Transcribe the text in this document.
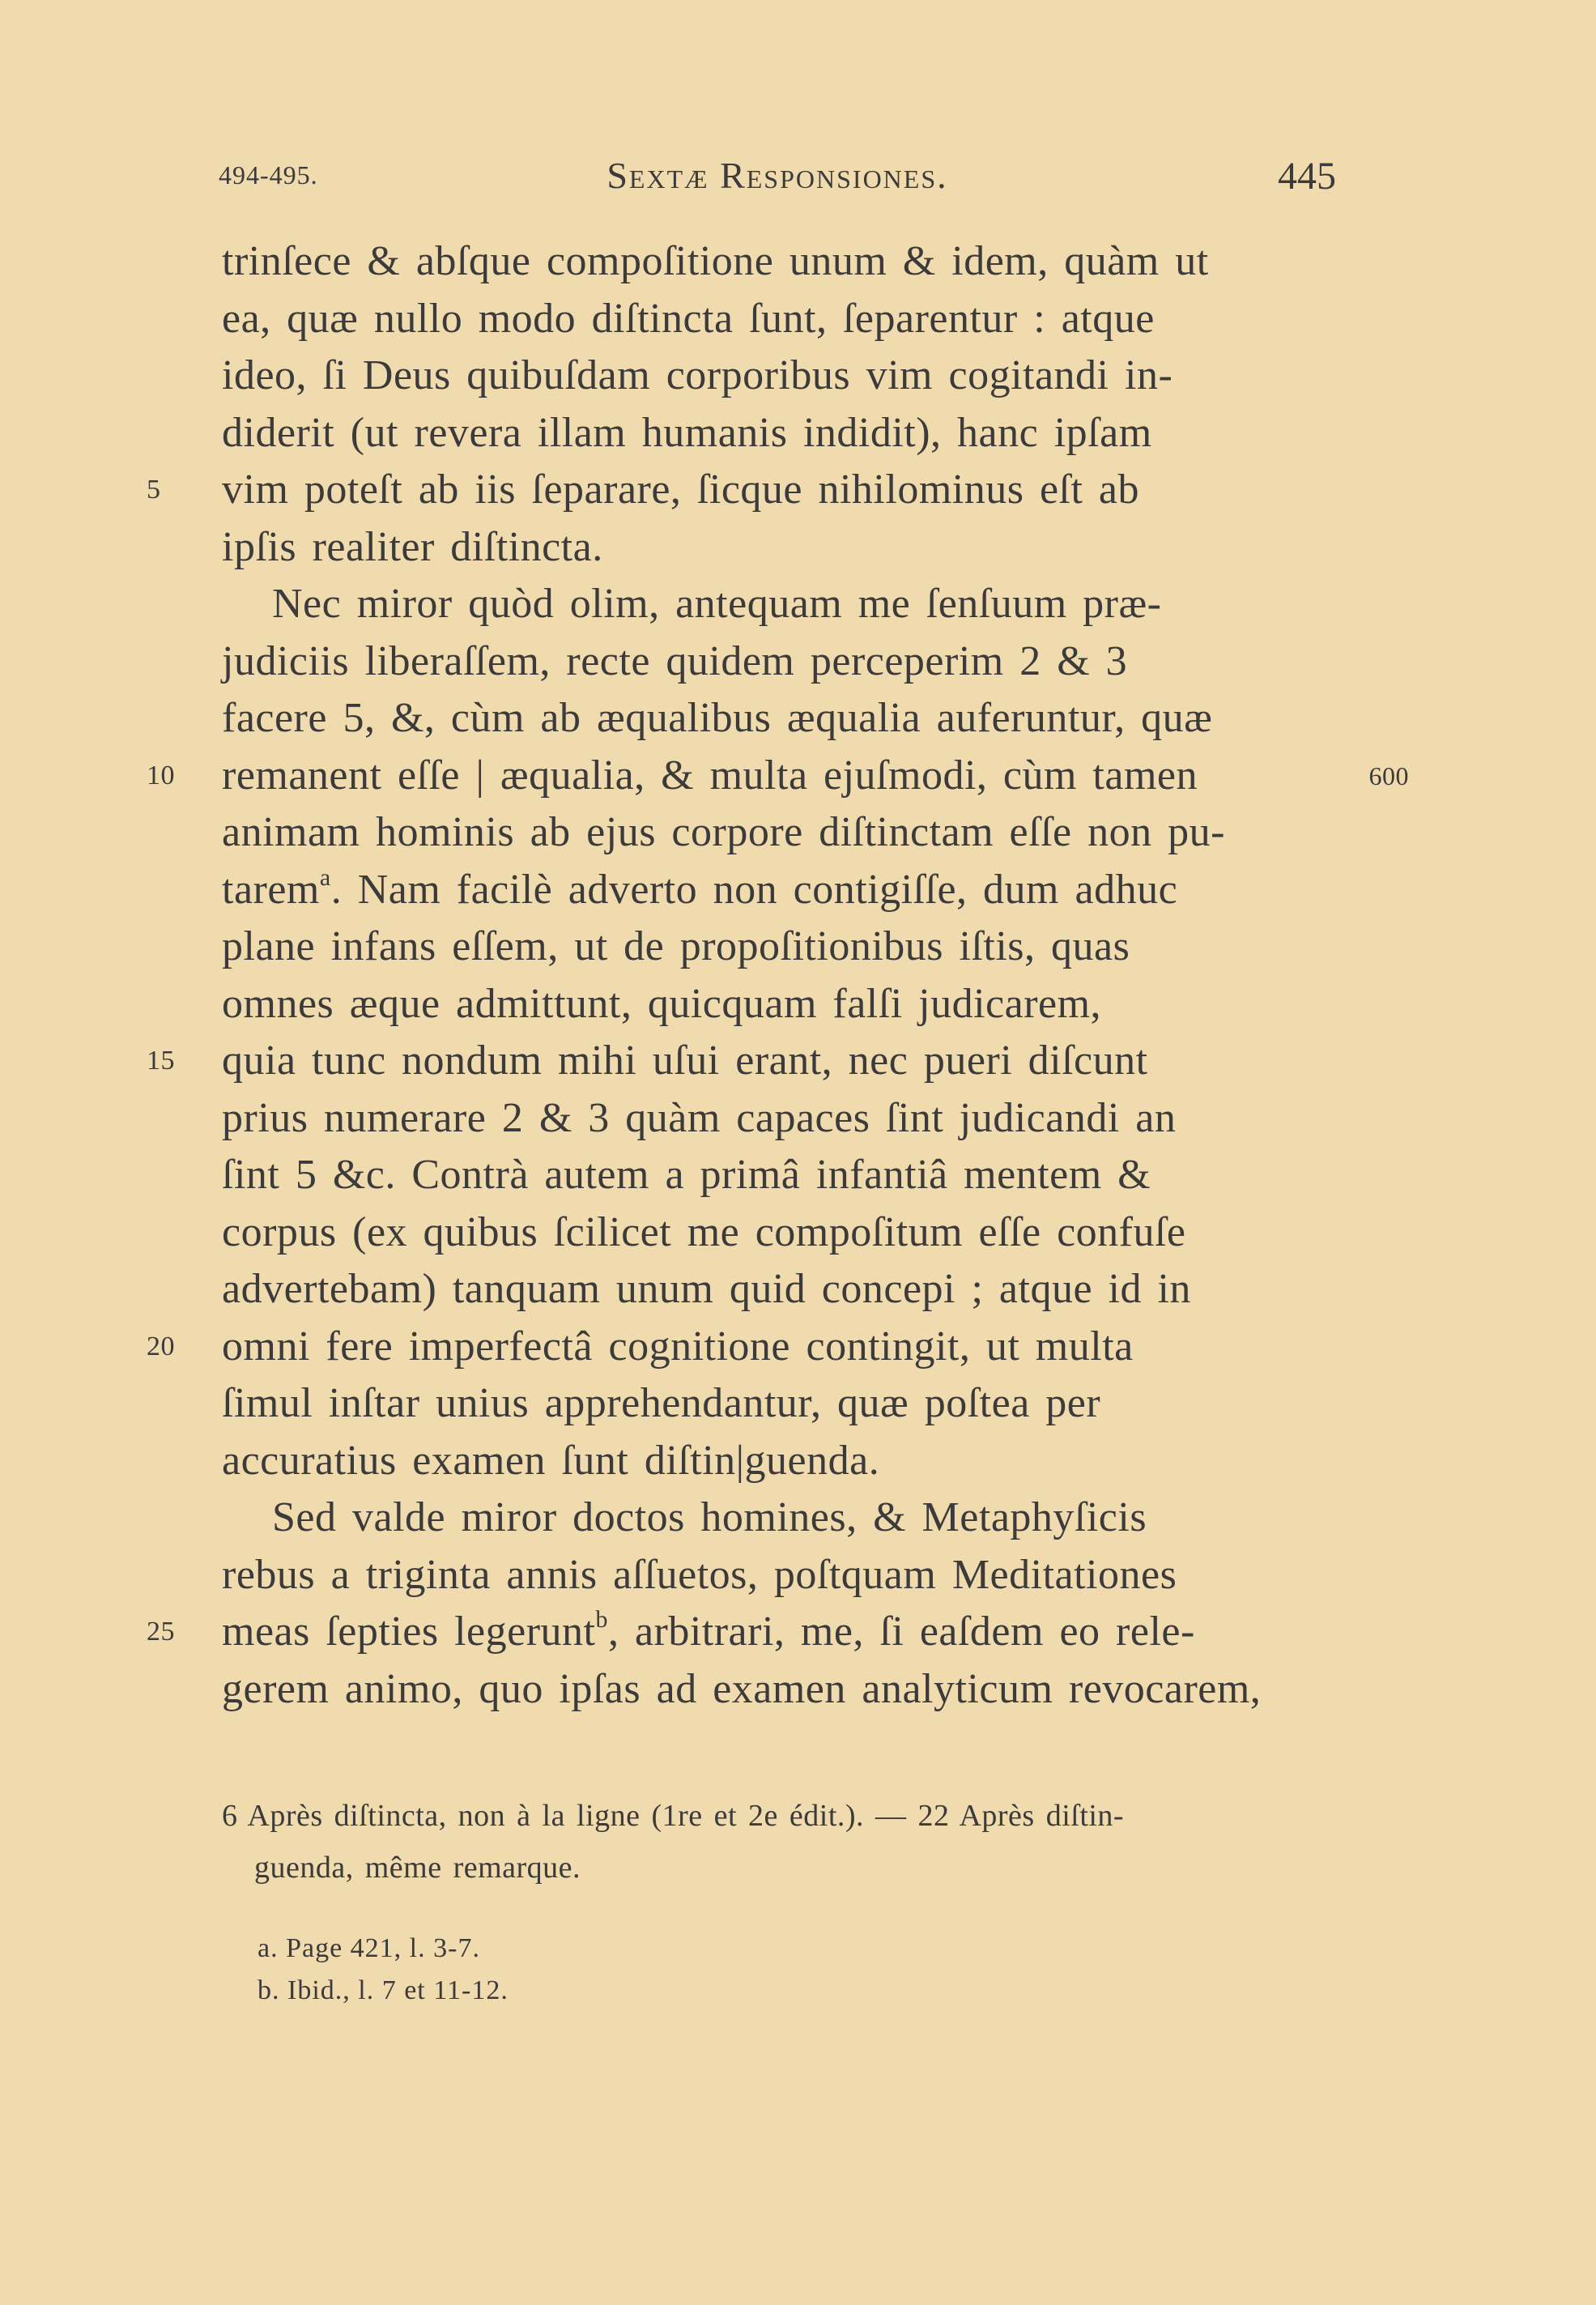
494-495.	Sextæ Responsiones.	445
trinſece & abſque compoſitione unum & idem, quàm ut
ea, quæ nullo modo diſtincta ſunt, ſeparentur : atque
ideo, ſi Deus quibuſdam corporibus vim cogitandi in-
diderit (ut revera illam humanis indidit), hanc ipſam
vim poteſt ab iis ſeparare, ſicque nihilominus eſt ab
5
ipſis realiter diſtincta.
Nec miror quòd olim, antequam me ſenſuum præ-
judiciis liberaſſem, recte quidem perceperim 2 & 3
facere 5, &, cùm ab æqualibus æqualia auferuntur, quæ
remanent eſſe | æqualia, & multa ejuſmodi, cùm tamen
10	600
animam hominis ab ejus corpore diſtinctam eſſe non pu-
tarem$^a$. Nam facilè adverto non contigiſſe, dum adhuc
plane infans eſſem, ut de propoſitionibus iſtis, quas
omnes æque admittunt, quicquam falſi judicarem,
quia tunc nondum mihi uſui erant, nec pueri diſcunt
15
prius numerare 2 & 3 quàm capaces ſint judicandi an
ſint 5 &c. Contrà autem a primâ infantiâ mentem &
corpus (ex quibus ſcilicet me compoſitum eſſe confuſe
advertebam) tanquam unum quid concepi ; atque id in
omni fere imperfectâ cognitione contingit, ut multa
20
ſimul inſtar unius apprehendantur, quæ poſtea per
accuratius examen ſunt diſtin|guenda.
Sed valde miror doctos homines, & Metaphyſicis
rebus a triginta annis aſſuetos, poſtquam Meditationes
meas ſepties legerunt$^b$, arbitrari, me, ſi eaſdem eo rele-
25
gerem animo, quo ipſas ad examen analyticum revocarem,
6 Après diſtincta, non à la ligne (1re et 2e édit.). — 22 Après diſtin-
guenda, même remarque.
a. Page 421, l. 3-7.
b. Ibid., l. 7 et 11-12.
